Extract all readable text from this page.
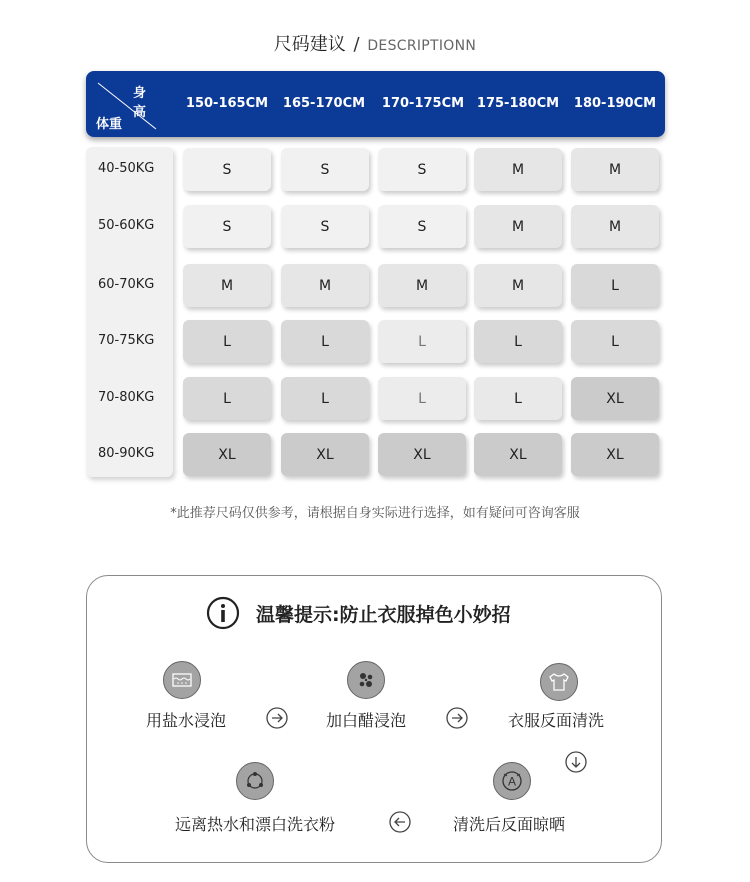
尺码建议 / DESCRIPTIONN
身高
体重
150-165CM	165-170CM	170-175CM 175-180CM	180-190CM
40-50KG	S	S	S	M	M
50-60KG	S	S	S	M	M
60-70KG	M	M	M	M	L
70-75KG	L	L	L	L	L
70-80KG	L	L	L	L	XL
80-90KG	XL	XL	XL	XL	XL
*此推荐尺码仅供参考，请根据自身实际进行选择，如有疑问可咨询客服
温馨提示:防止衣服掉色小妙招
用盐水浸泡	加白醋浸泡	衣服反面清洗
A
清洗后反面晾晒
远离热水和漂白洗衣粉
